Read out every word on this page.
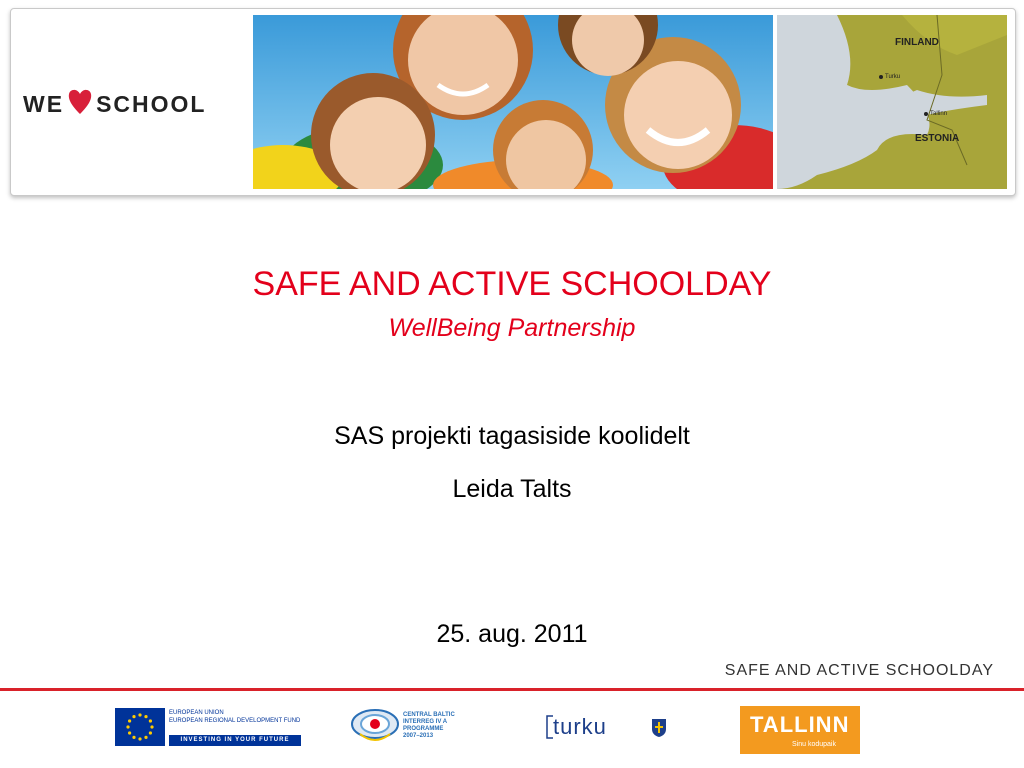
WE SCHOOL
FINLAND
Turku
Tallinn
ESTONIA
SAFE AND ACTIVE SCHOOLDAY
WellBeing Partnership
SAS projekti tagasiside koolidelt
Leida Talts
25. aug. 2011
SAFE AND ACTIVE SCHOOLDAY
EUROPEAN UNION
EUROPEAN REGIONAL DEVELOPMENT FUND
INVESTING IN YOUR FUTURE
CENTRAL BALTIC
INTERREG IV A
PROGRAMME
2007–2013	turku	TALLINN
Sinu kodupaik
